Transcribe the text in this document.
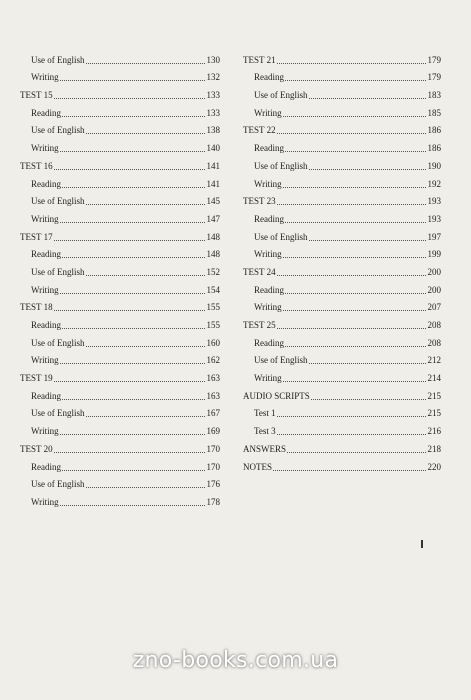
Use of English	130
Writing	132
TEST 15	133
Reading	133
Use of English	138
Writing	140
TEST 16	141
Reading	141
Use of English	145
Writing	147
TEST 17	148
Reading	148
Use of English	152
Writing	154
TEST 18	155
Reading	155
Use of English	160
Writing	162
TEST 19	163
Reading	163
Use of English	167
Writing	169
TEST 20	170
Reading	170
Use of English	176
Writing	178
TEST 21	179
Reading	179
Use of English	183
Writing	185
TEST 22	186
Reading	186
Use of English	190
Writing	192
TEST 23	193
Reading	193
Use of English	197
Writing	199
TEST 24	200
Reading	200
Writing	207
TEST 25	208
Reading	208
Use of English	212
Writing	214
AUDIO SCRIPTS	215
Test 1	215
Test 3	216
ANSWERS	218
NOTES	220
zno-books.com.ua
